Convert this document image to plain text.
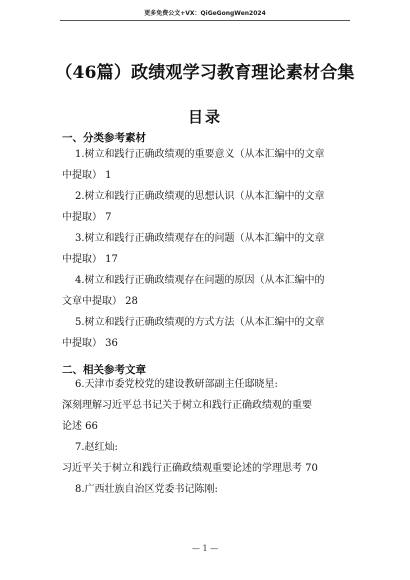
更多免费公文+VX：QiGeGongWen2024
（46篇）政绩观学习教育理论素材合集
目录
一、分类参考素材
1.树立和践行正确政绩观的重要意义（从本汇编中的文章
中提取） 1
2.树立和践行正确政绩观的思想认识（从本汇编中的文章
中提取） 7
3.树立和践行正确政绩观存在的问题（从本汇编中的文章
中提取） 17
4.树立和践行正确政绩观存在问题的原因（从本汇编中的
文章中提取） 28
5.树立和践行正确政绩观的方式方法（从本汇编中的文章
中提取） 36
二、相关参考文章
6.天津市委党校党的建设教研部副主任邸晓星:
深刻理解习近平总书记关于树立和践行正确政绩观的重要
论述 66
7.赵红灿:
习近平关于树立和践行正确政绩观重要论述的学理思考 70
8.广西壮族自治区党委书记陈刚:
— 1 —
